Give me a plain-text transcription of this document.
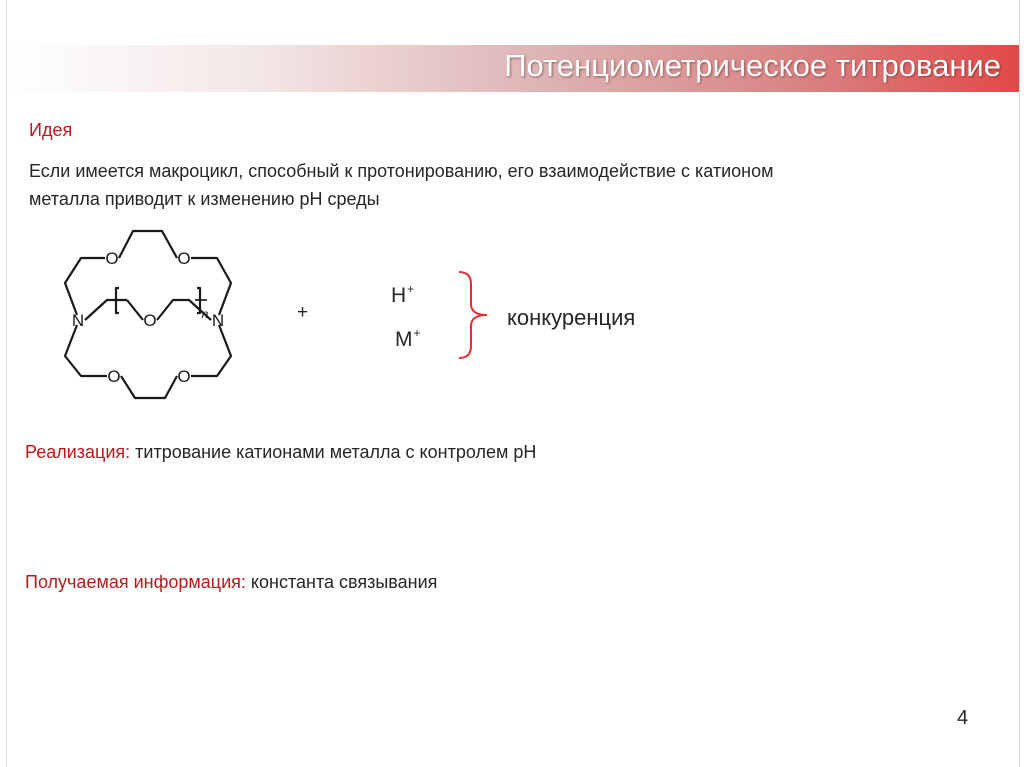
Потенциометрическое титрование
Идея
Если имеется макроцикл, способный к протонированию, его взаимодействие с катионом
металла приводит к изменению pH среды
O	O
O
O	O
N	N
n	+
H+
M+
конкуренция
Реализация: титрование катионами металла с контролем pH
Получаемая информация: константа связывания
4
